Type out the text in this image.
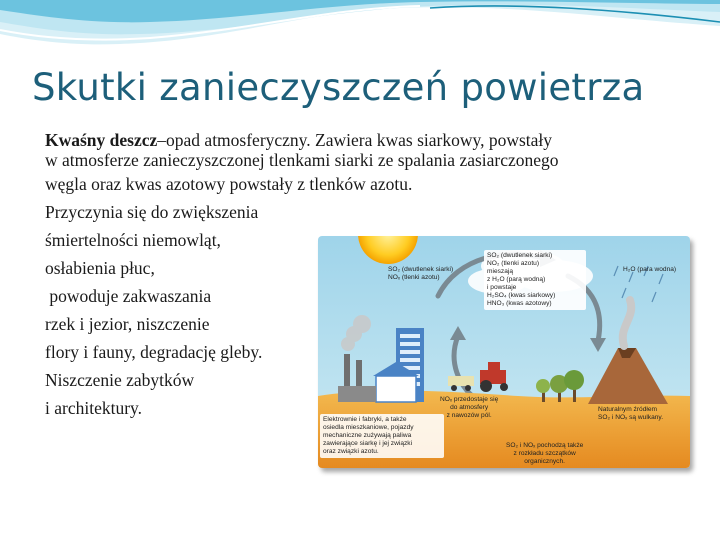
Skutki zanieczyszczeń powietrza
Kwaśny deszcz–opad atmosferyczny. Zawiera kwas siarkowy, powstały
w atmosferze zanieczyszczonej tlenkami siarki ze spalania zasiarczonego
węgla oraz kwas azotowy powstały z tlenków azotu.
Przyczynia się do zwiększenia
śmiertelności niemowląt,
osłabienia płuc,
powoduje zakwaszania
rzek i jezior, niszczenie
flory i fauny, degradację gleby.
Niszczenie zabytków
i architektury.
SO₂ (dwutlenek siarki)
NO₂ (tlenki azotu)
mieszają
z H₂O (parą wodną)
i powstaje
H₂SO₄ (kwas siarkowy)
HNO₃ (kwas azotowy)
SO₂ (dwutlenek siarki)
NOₓ (tlenki azotu)
H₂O (para wodna)
NOₓ przedostaje się
do atmosfery
z nawozów pól.
Naturalnym źródłem
SO₂ i NOₓ są wulkany.
Elektrownie i fabryki, a także
osiedla mieszkaniowe, pojazdy
mechaniczne zużywają paliwa
zawierające siarkę i jej związki
oraz związki azotu.
SO₂ i NOₓ pochodzą także
z rozkładu szczątków
organicznych.
